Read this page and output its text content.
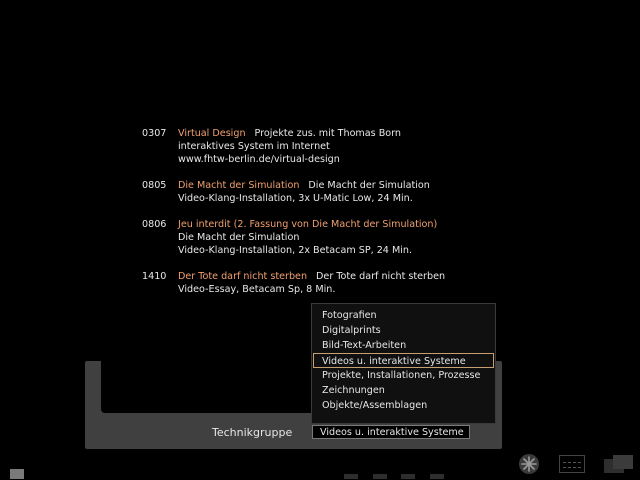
0307	Virtual Design Projekte zus. mit Thomas Born
interaktives System im Internet
www.fhtw-berlin.de/virtual-design
0805	Die Macht der Simulation Die Macht der Simulation
Video-Klang-Installation, 3x U-Matic Low, 24 Min.
0806	Jeu interdit (2. Fassung von Die Macht der Simulation)
Die Macht der Simulation
Video-Klang-Installation, 2x Betacam SP, 24 Min.
1410	Der Tote darf nicht sterben Der Tote darf nicht sterben
Video-Essay, Betacam Sp, 8 Min.
Technikgruppe	Videos u. interaktive Systeme
Fotografien
Digitalprints
Bild-Text-Arbeiten
Videos u. interaktive Systeme
Projekte, Installationen, Prozesse
Zeichnungen
Objekte/Assemblagen
